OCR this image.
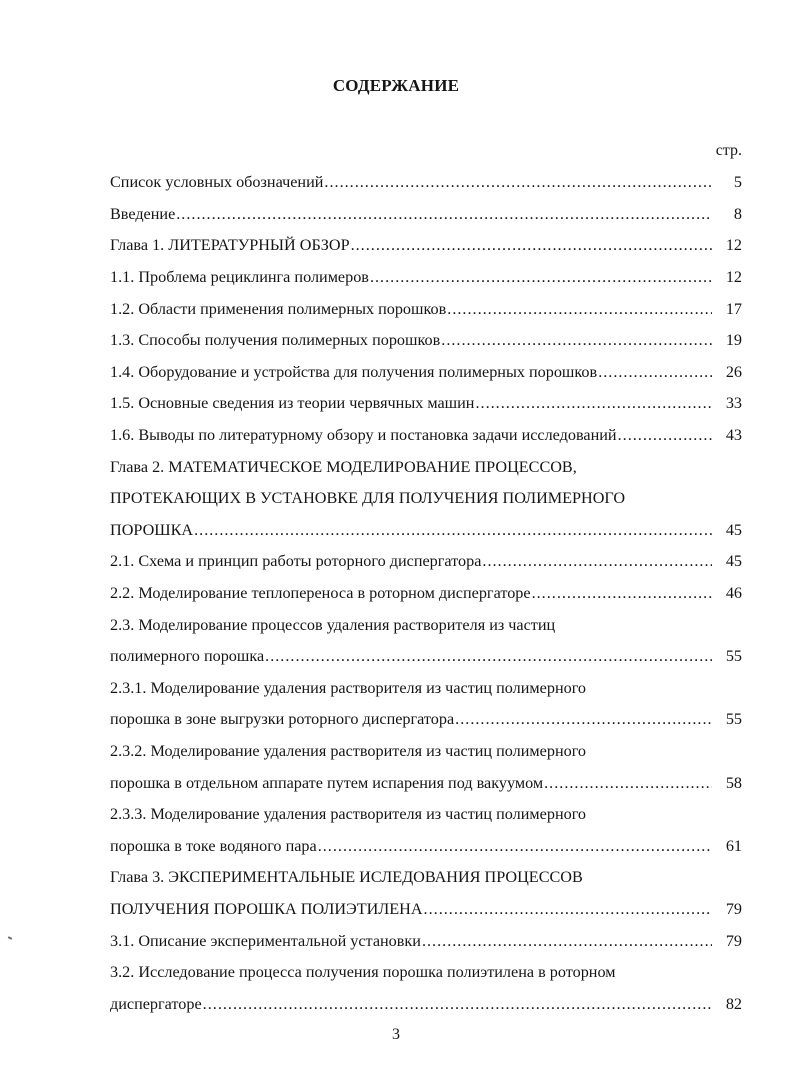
СОДЕРЖАНИЕ
стр.
Список условных обозначений .....	5
Введение .....	8
Глава 1. ЛИТЕРАТУРНЫЙ ОБЗОР .....	12
1.1. Проблема рециклинга полимеров .....	12
1.2. Области применения полимерных порошков .....	17
1.3. Способы получения полимерных порошков .....	19
1.4. Оборудование и устройства для получения полимерных порошков .....	26
1.5. Основные сведения из теории червячных машин .....	33
1.6. Выводы по литературному обзору и постановка задачи исследований .....	43
Глава 2. МАТЕМАТИЧЕСКОЕ МОДЕЛИРОВАНИЕ ПРОЦЕССОВ,
ПРОТЕКАЮЩИХ В УСТАНОВКЕ ДЛЯ ПОЛУЧЕНИЯ ПОЛИМЕРНОГО
ПОРОШКА .....	45
2.1. Схема и принцип работы роторного диспергатора .....	45
2.2. Моделирование теплопереноса в роторном диспергаторе .....	46
2.3. Моделирование процессов удаления растворителя из частиц
полимерного порошка .....	55
2.3.1. Моделирование удаления растворителя из частиц полимерного
порошка в зоне выгрузки роторного диспергатора .....	55
2.3.2. Моделирование удаления растворителя из частиц полимерного
порошка в отдельном аппарате путем испарения под вакуумом .....	58
2.3.3. Моделирование удаления растворителя из частиц полимерного
порошка в токе водяного пара .....	61
Глава 3. ЭКСПЕРИМЕНТАЛЬНЫЕ ИСЛЕДОВАНИЯ ПРОЦЕССОВ
ПОЛУЧЕНИЯ ПОРОШКА ПОЛИЭТИЛЕНА .....	79
3.1. Описание экспериментальной установки .....	79
3.2. Исследование процесса получения порошка полиэтилена в роторном
диспергаторе .....	82
3
